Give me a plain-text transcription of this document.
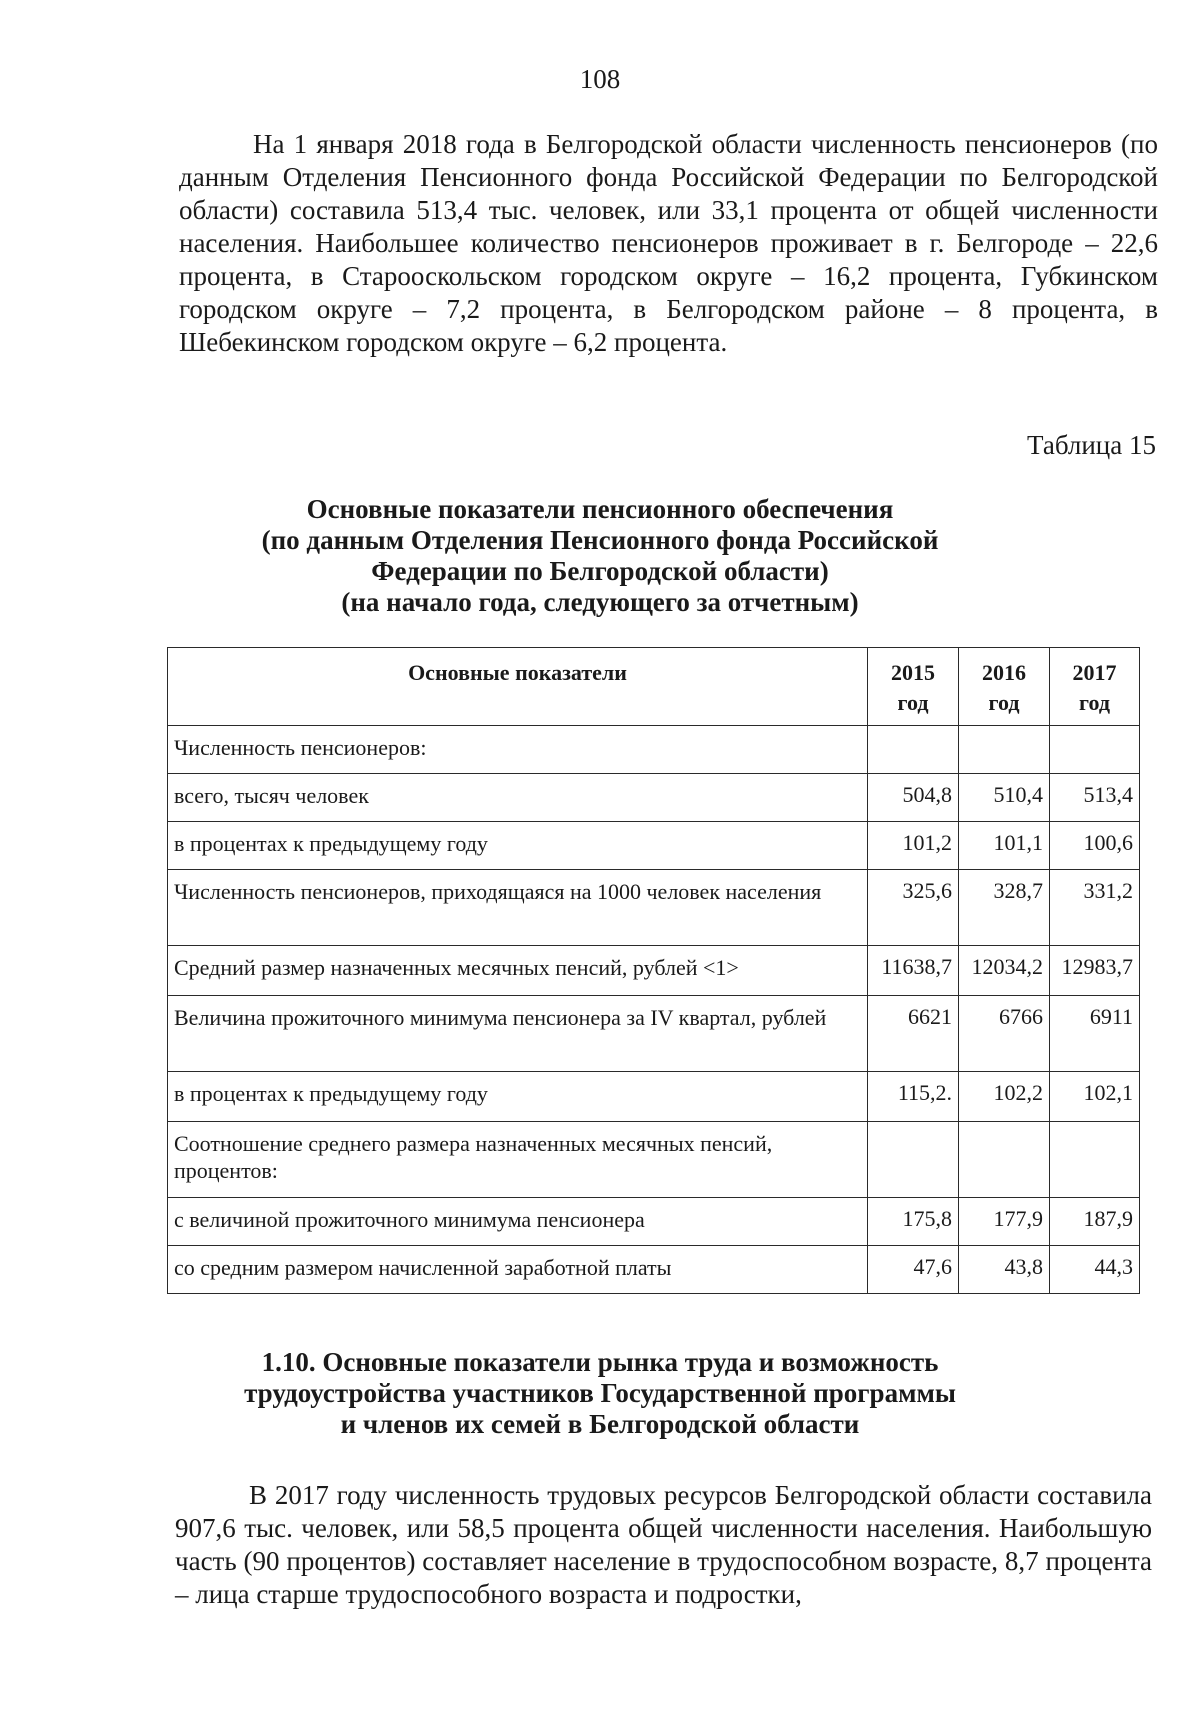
108

На 1 января 2018 года в Белгородской области численность пенсионеров (по данным Отделения Пенсионного фонда Российской Федерации по Белгородской области) составила 513,4 тыс. человек, или 33,1 процента от общей численности населения. Наибольшее количество пенсионеров проживает в г. Белгороде – 22,6 процента, в Старооскольском городском округе – 16,2 процента, Губкинском городском округе – 7,2 процента, в Белгородском районе – 8 процента, в Шебекинском городском округе – 6,2 процента.

Таблица 15
Основные показатели пенсионного обеспечения
(по данным Отделения Пенсионного фонда Российской
Федерации по Белгородской области)
(на начало года, следующего за отчетным)
Основные показатели	2015 год	2016 год	2017 год
Численность пенсионеров:			
всего, тысяч человек	504,8	510,4	513,4
в процентах к предыдущему году	101,2	101,1	100,6
Численность пенсионеров, приходящаяся на 1000 человек населения	325,6	328,7	331,2
Средний размер назначенных месячных пенсий, рублей <1>	11638,7	12034,2	12983,7
Величина прожиточного минимума пенсионера за IV квартал, рублей	6621	6766	6911
в процентах к предыдущему году	115,2.	102,2	102,1
Соотношение среднего размера назначенных месячных пенсий, процентов:			
с величиной прожиточного минимума пенсионера	175,8	177,9	187,9
со средним размером начисленной заработной платы	47,6	43,8	44,3
1.10. Основные показатели рынка труда и возможность
трудоустройства участников Государственной программы
и членов их семей в Белгородской области

В 2017 году численность трудовых ресурсов Белгородской области составила 907,6 тыс. человек, или 58,5 процента общей численности населения. Наибольшую часть (90 процентов) составляет население в трудоспособном возрасте, 8,7 процента – лица старше трудоспособного возраста и подростки,
